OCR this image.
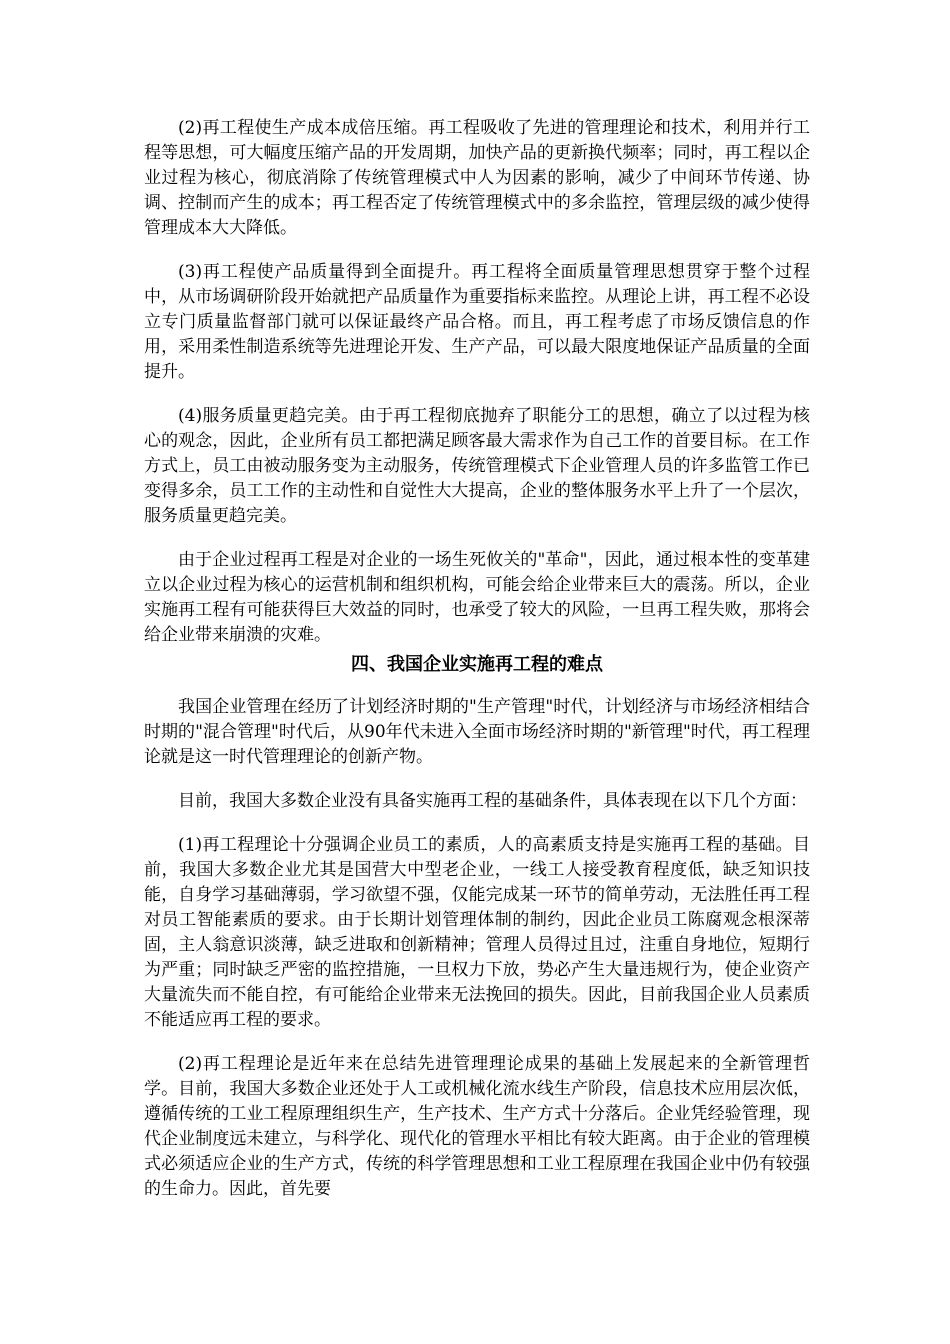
(2)再工程使生产成本成倍压缩。再工程吸收了先进的管理理论和技术，利用并行工程等思想，可大幅度压缩产品的开发周期，加快产品的更新换代频率；同时，再工程以企业过程为核心，彻底消除了传统管理模式中人为因素的影响，减少了中间环节传递、协调、控制而产生的成本；再工程否定了传统管理模式中的多余监控，管理层级的减少使得管理成本大大降低。

(3)再工程使产品质量得到全面提升。再工程将全面质量管理思想贯穿于整个过程中，从市场调研阶段开始就把产品质量作为重要指标来监控。从理论上讲，再工程不必设立专门质量监督部门就可以保证最终产品合格。而且，再工程考虑了市场反馈信息的作用，采用柔性制造系统等先进理论开发、生产产品，可以最大限度地保证产品质量的全面提升。

(4)服务质量更趋完美。由于再工程彻底抛弃了职能分工的思想，确立了以过程为核心的观念，因此，企业所有员工都把满足顾客最大需求作为自己工作的首要目标。在工作方式上，员工由被动服务变为主动服务，传统管理模式下企业管理人员的许多监管工作已变得多余，员工工作的主动性和自觉性大大提高，企业的整体服务水平上升了一个层次，服务质量更趋完美。

由于企业过程再工程是对企业的一场生死攸关的"革命"，因此，通过根本性的变革建立以企业过程为核心的运营机制和组织机构，可能会给企业带来巨大的震荡。所以，企业实施再工程有可能获得巨大效益的同时，也承受了较大的风险，一旦再工程失败，那将会给企业带来崩溃的灾难。

四、我国企业实施再工程的难点

我国企业管理在经历了计划经济时期的"生产管理"时代，计划经济与市场经济相结合时期的"混合管理"时代后，从90年代未进入全面市场经济时期的"新管理"时代，再工程理论就是这一时代管理理论的创新产物。

目前，我国大多数企业没有具备实施再工程的基础条件，具体表现在以下几个方面：

(1)再工程理论十分强调企业员工的素质，人的高素质支持是实施再工程的基础。目前，我国大多数企业尤其是国营大中型老企业，一线工人接受教育程度低，缺乏知识技能，自身学习基础薄弱，学习欲望不强，仅能完成某一环节的简单劳动，无法胜任再工程对员工智能素质的要求。由于长期计划管理体制的制约，因此企业员工陈腐观念根深蒂固，主人翁意识淡薄，缺乏进取和创新精神；管理人员得过且过，注重自身地位，短期行为严重；同时缺乏严密的监控措施，一旦权力下放，势必产生大量违规行为，使企业资产大量流失而不能自控，有可能给企业带来无法挽回的损失。因此，目前我国企业人员素质不能适应再工程的要求。

(2)再工程理论是近年来在总结先进管理理论成果的基础上发展起来的全新管理哲学。目前，我国大多数企业还处于人工或机械化流水线生产阶段，信息技术应用层次低，遵循传统的工业工程原理组织生产，生产技术、生产方式十分落后。企业凭经验管理，现代企业制度远未建立，与科学化、现代化的管理水平相比有较大距离。由于企业的管理模式必须适应企业的生产方式，传统的科学管理思想和工业工程原理在我国企业中仍有较强的生命力。因此，首先要
